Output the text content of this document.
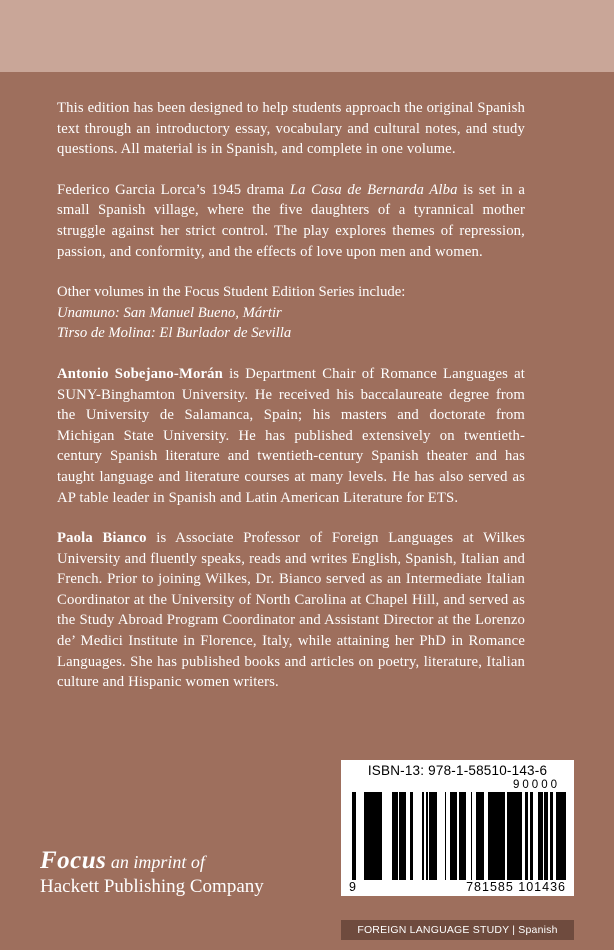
This edition has been designed to help students approach the original Spanish text through an introductory essay, vocabulary and cultural notes, and study questions. All material is in Spanish, and complete in one volume.

Federico Garcia Lorca’s 1945 drama La Casa de Bernarda Alba is set in a small Spanish village, where the five daughters of a tyrannical mother struggle against her strict control. The play explores themes of repression, passion, and conformity, and the effects of love upon men and women.

Other volumes in the Focus Student Edition Series include:
Unamuno: San Manuel Bueno, Mártir
Tirso de Molina: El Burlador de Sevilla

Antonio Sobejano-Morán is Department Chair of Romance Languages at SUNY-Binghamton University. He received his baccalaureate degree from the University de Salamanca, Spain; his masters and doctorate from Michigan State University. He has published extensively on twentieth-century Spanish literature and twentieth-century Spanish theater and has taught language and literature courses at many levels. He has also served as AP table leader in Spanish and Latin American Literature for ETS.

Paola Bianco is Associate Professor of Foreign Languages at Wilkes University and fluently speaks, reads and writes English, Spanish, Italian and French. Prior to joining Wilkes, Dr. Bianco served as an Intermediate Italian Coordinator at the University of North Carolina at Chapel Hill, and served as the Study Abroad Program Coordinator and Assistant Director at the Lorenzo de’ Medici Institute in Florence, Italy, while attaining her PhD in Romance Languages. She has published books and articles on poetry, literature, Italian culture and Hispanic women writers.

ISBN-13: 978-1-58510-143-6
90000
9	781585 101436
FOREIGN LANGUAGE STUDY | Spanish
Focus an imprint of
Hackett Publishing Company
